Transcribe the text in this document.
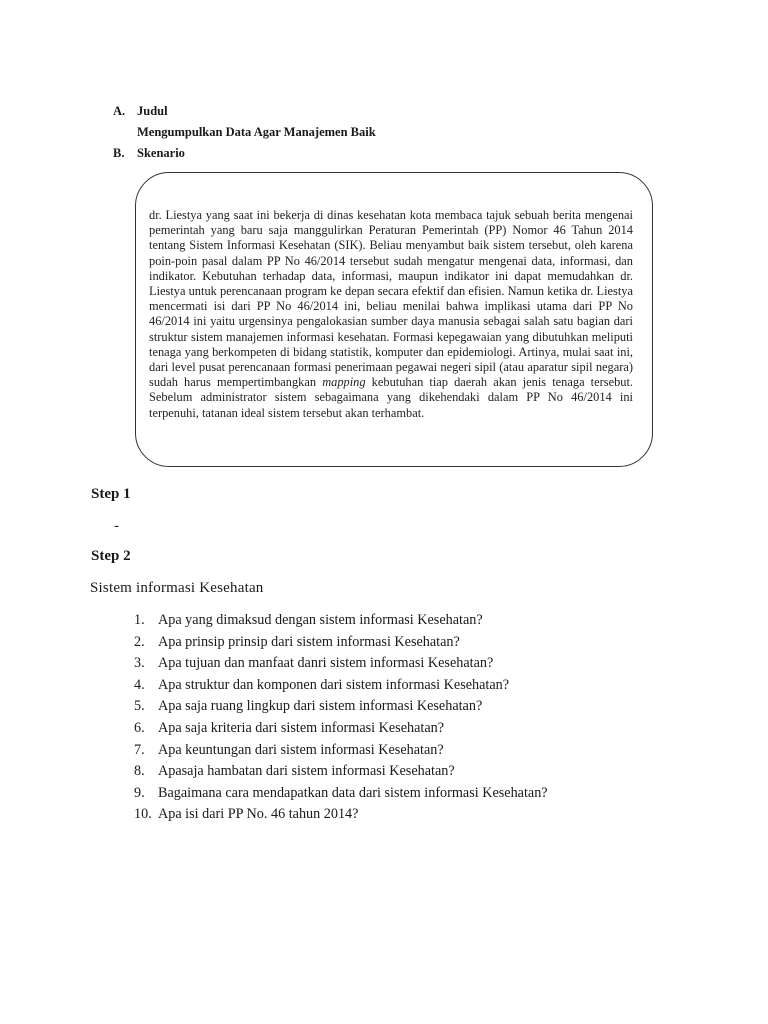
A. Judul
Mengumpulkan Data Agar Manajemen Baik
B.	Skenario
dr. Liestya yang saat ini bekerja di dinas kesehatan kota membaca tajuk sebuah berita mengenai pemerintah yang baru saja manggulirkan Peraturan Pemerintah (PP) Nomor 46 Tahun 2014 tentang Sistem Informasi Kesehatan (SIK). Beliau menyambut baik sistem tersebut, oleh karena poin-poin pasal dalam PP No 46/2014 tersebut sudah mengatur mengenai data, informasi, dan indikator. Kebutuhan terhadap data, informasi, maupun indikator ini dapat memudahkan dr. Liestya untuk perencanaan program ke depan secara efektif dan efisien. Namun ketika dr. Liestya mencermati isi dari PP No 46/2014 ini, beliau menilai bahwa implikasi utama dari PP No 46/2014 ini yaitu urgensinya pengalokasian sumber daya manusia sebagai salah satu bagian dari struktur sistem manajemen informasi kesehatan. Formasi kepegawaian yang dibutuhkan meliputi tenaga yang berkompeten di bidang statistik, komputer dan epidemiologi. Artinya, mulai saat ini, dari level pusat perencanaan formasi penerimaan pegawai negeri sipil (atau aparatur sipil negara) sudah harus mempertimbangkan mapping kebutuhan tiap daerah akan jenis tenaga tersebut. Sebelum administrator sistem sebagaimana yang dikehendaki dalam PP No 46/2014 ini terpenuhi, tatanan ideal sistem tersebut akan terhambat.
Step 1
-
Step 2
Sistem informasi Kesehatan
1. Apa yang dimaksud dengan sistem informasi Kesehatan?
2. Apa prinsip prinsip dari sistem informasi Kesehatan?
3. Apa tujuan dan manfaat danri sistem informasi Kesehatan?
4. Apa struktur dan komponen dari sistem informasi Kesehatan?
5. Apa saja ruang lingkup dari sistem informasi Kesehatan?
6. Apa saja kriteria dari sistem informasi Kesehatan?
7. Apa keuntungan dari sistem informasi Kesehatan?
8. Apasaja hambatan dari sistem informasi Kesehatan?
9. Bagaimana cara mendapatkan data dari sistem informasi Kesehatan?
10. Apa isi dari PP No. 46 tahun 2014?
